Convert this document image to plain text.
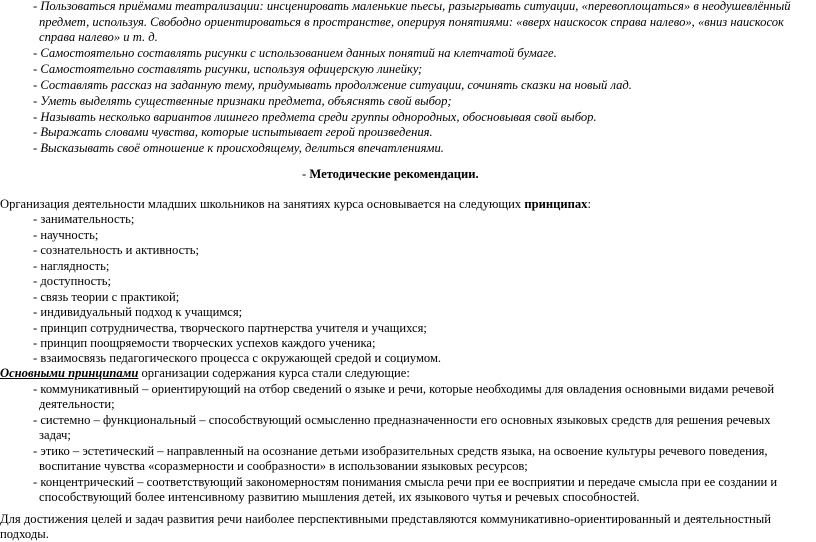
- Пользоваться приёмами театрализации: инсценировать маленькие пьесы, разыгрывать ситуации, «перевоплощаться» в неодушевлённый
предмет, используя. Свободно ориентироваться в пространстве, оперируя понятиями: «вверх наискосок справа налево», «вниз наискосок
справа налево» и т. д.
- Самостоятельно составлять рисунки с использованием данных понятий на клетчатой бумаге.
- Самостоятельно составлять рисунки, используя офицерскую линейку;
- Составлять рассказ на заданную тему, придумывать продолжение ситуации, сочинять сказки на новый лад.
- Уметь выделять существенные признаки предмета, объяснять свой выбор;
- Называть несколько вариантов лишнего предмета среди группы однородных, обосновывая свой выбор.
- Выражать словами чувства, которые испытывает герой произведения.
- Высказывать своё отношение к происходящему, делиться впечатлениями.
- Методические рекомендации.
Организация деятельности младших школьников на занятиях курса основывается на следующих принципах:
- занимательность;
- научность;
- сознательность и активность;
- наглядность;
- доступность;
- связь теории с практикой;
- индивидуальный подход к учащимся;
- принцип сотрудничества, творческого партнерства учителя и учащихся;
- принцип поощряемости творческих успехов каждого ученика;
- взаимосвязь педагогического процесса с окружающей средой и социумом.
Основными принципами организации содержания курса стали следующие:
- коммуникативный – ориентирующий на отбор сведений о языке и речи, которые необходимы для овладения основными видами речевой
деятельности;
- системно – функциональный – способствующий осмысленно предназначенности его основных языковых средств для решения речевых
задач;
- этико – эстетический – направленный на осознание детьми изобразительных средств языка, на освоение культуры речевого поведения,
воспитание чувства «соразмерности и сообразности» в использовании языковых ресурсов;
- концентрический – соответствующий закономерностям понимания смысла речи при ее восприятии и передаче смысла при ее создании и
способствующий более интенсивному развитию мышления детей, их языкового чутья и речевых способностей.
Для достижения целей и задач развития речи наиболее перспективными представляются коммуникативно-ориентированный и деятельностный
подходы.
